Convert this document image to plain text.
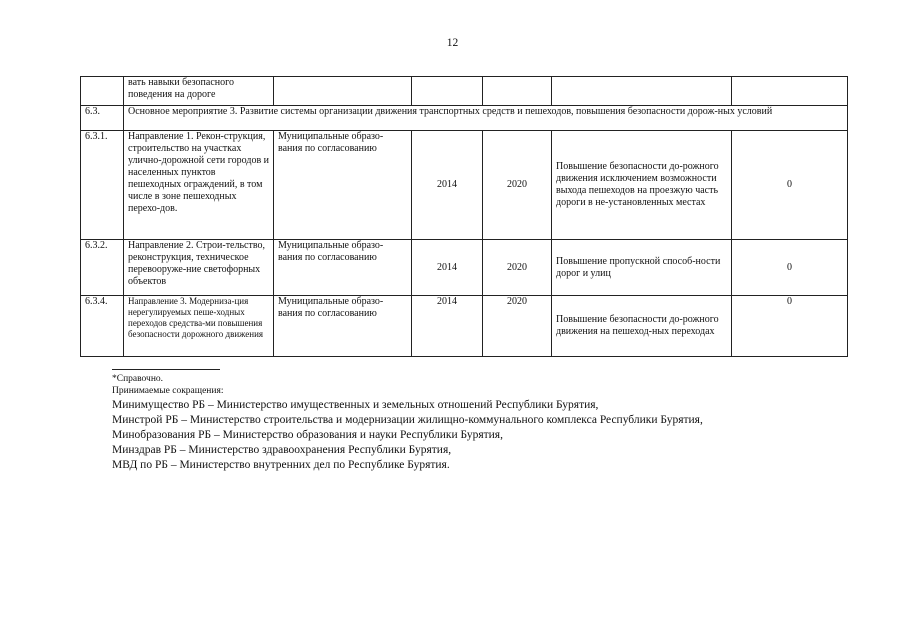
12
	вать навыки безопасного поведения на дороге					
6.3.	Основное мероприятие 3. Развитие системы организации движения транспортных средств и пешеходов, повышения безопасности дорож-ных условий					
6.3.1.	Направление 1. Рекон-струкция, строительство на участках улично-дорожной сети городов и населенных пунктов пешеходных ограждений, в том числе в зоне пешеходных перехо-дов.	Муниципальные образо-вания по согласованию	2014	2020	Повышение безопасности до-рожного движения исключением возможности выхода пешеходов на проезжую часть дороги в не-установленных местах	0
6.3.2.	Направление 2. Строи-тельство, реконструкция, техническое перевооруже-ние светофорных объектов	Муниципальные образо-вания по согласованию	2014	2020	Повышение пропускной способ-ности дорог и улиц	0
6.3.4.	Направление 3. Модерниза-ция нерегулируемых пеше-ходных переходов средства-ми повышения безопасности дорожного движения	Муниципальные образо-вания по согласованию	2014	2020	Повышение безопасности до-рожного движения на пешеход-ных переходах	0
*Справочно.
Принимаемые сокращения:
Минимущество РБ – Министерство имущественных и земельных отношений Республики Бурятия,
Минстрой РБ – Министерство строительства и модернизации жилищно-коммунального комплекса Республики Бурятия,
Минобразования РБ – Министерство образования и науки Республики Бурятия,
Минздрав РБ – Министерство здравоохранения Республики Бурятия,
МВД по РБ – Министерство внутренних дел по Республике Бурятия.
